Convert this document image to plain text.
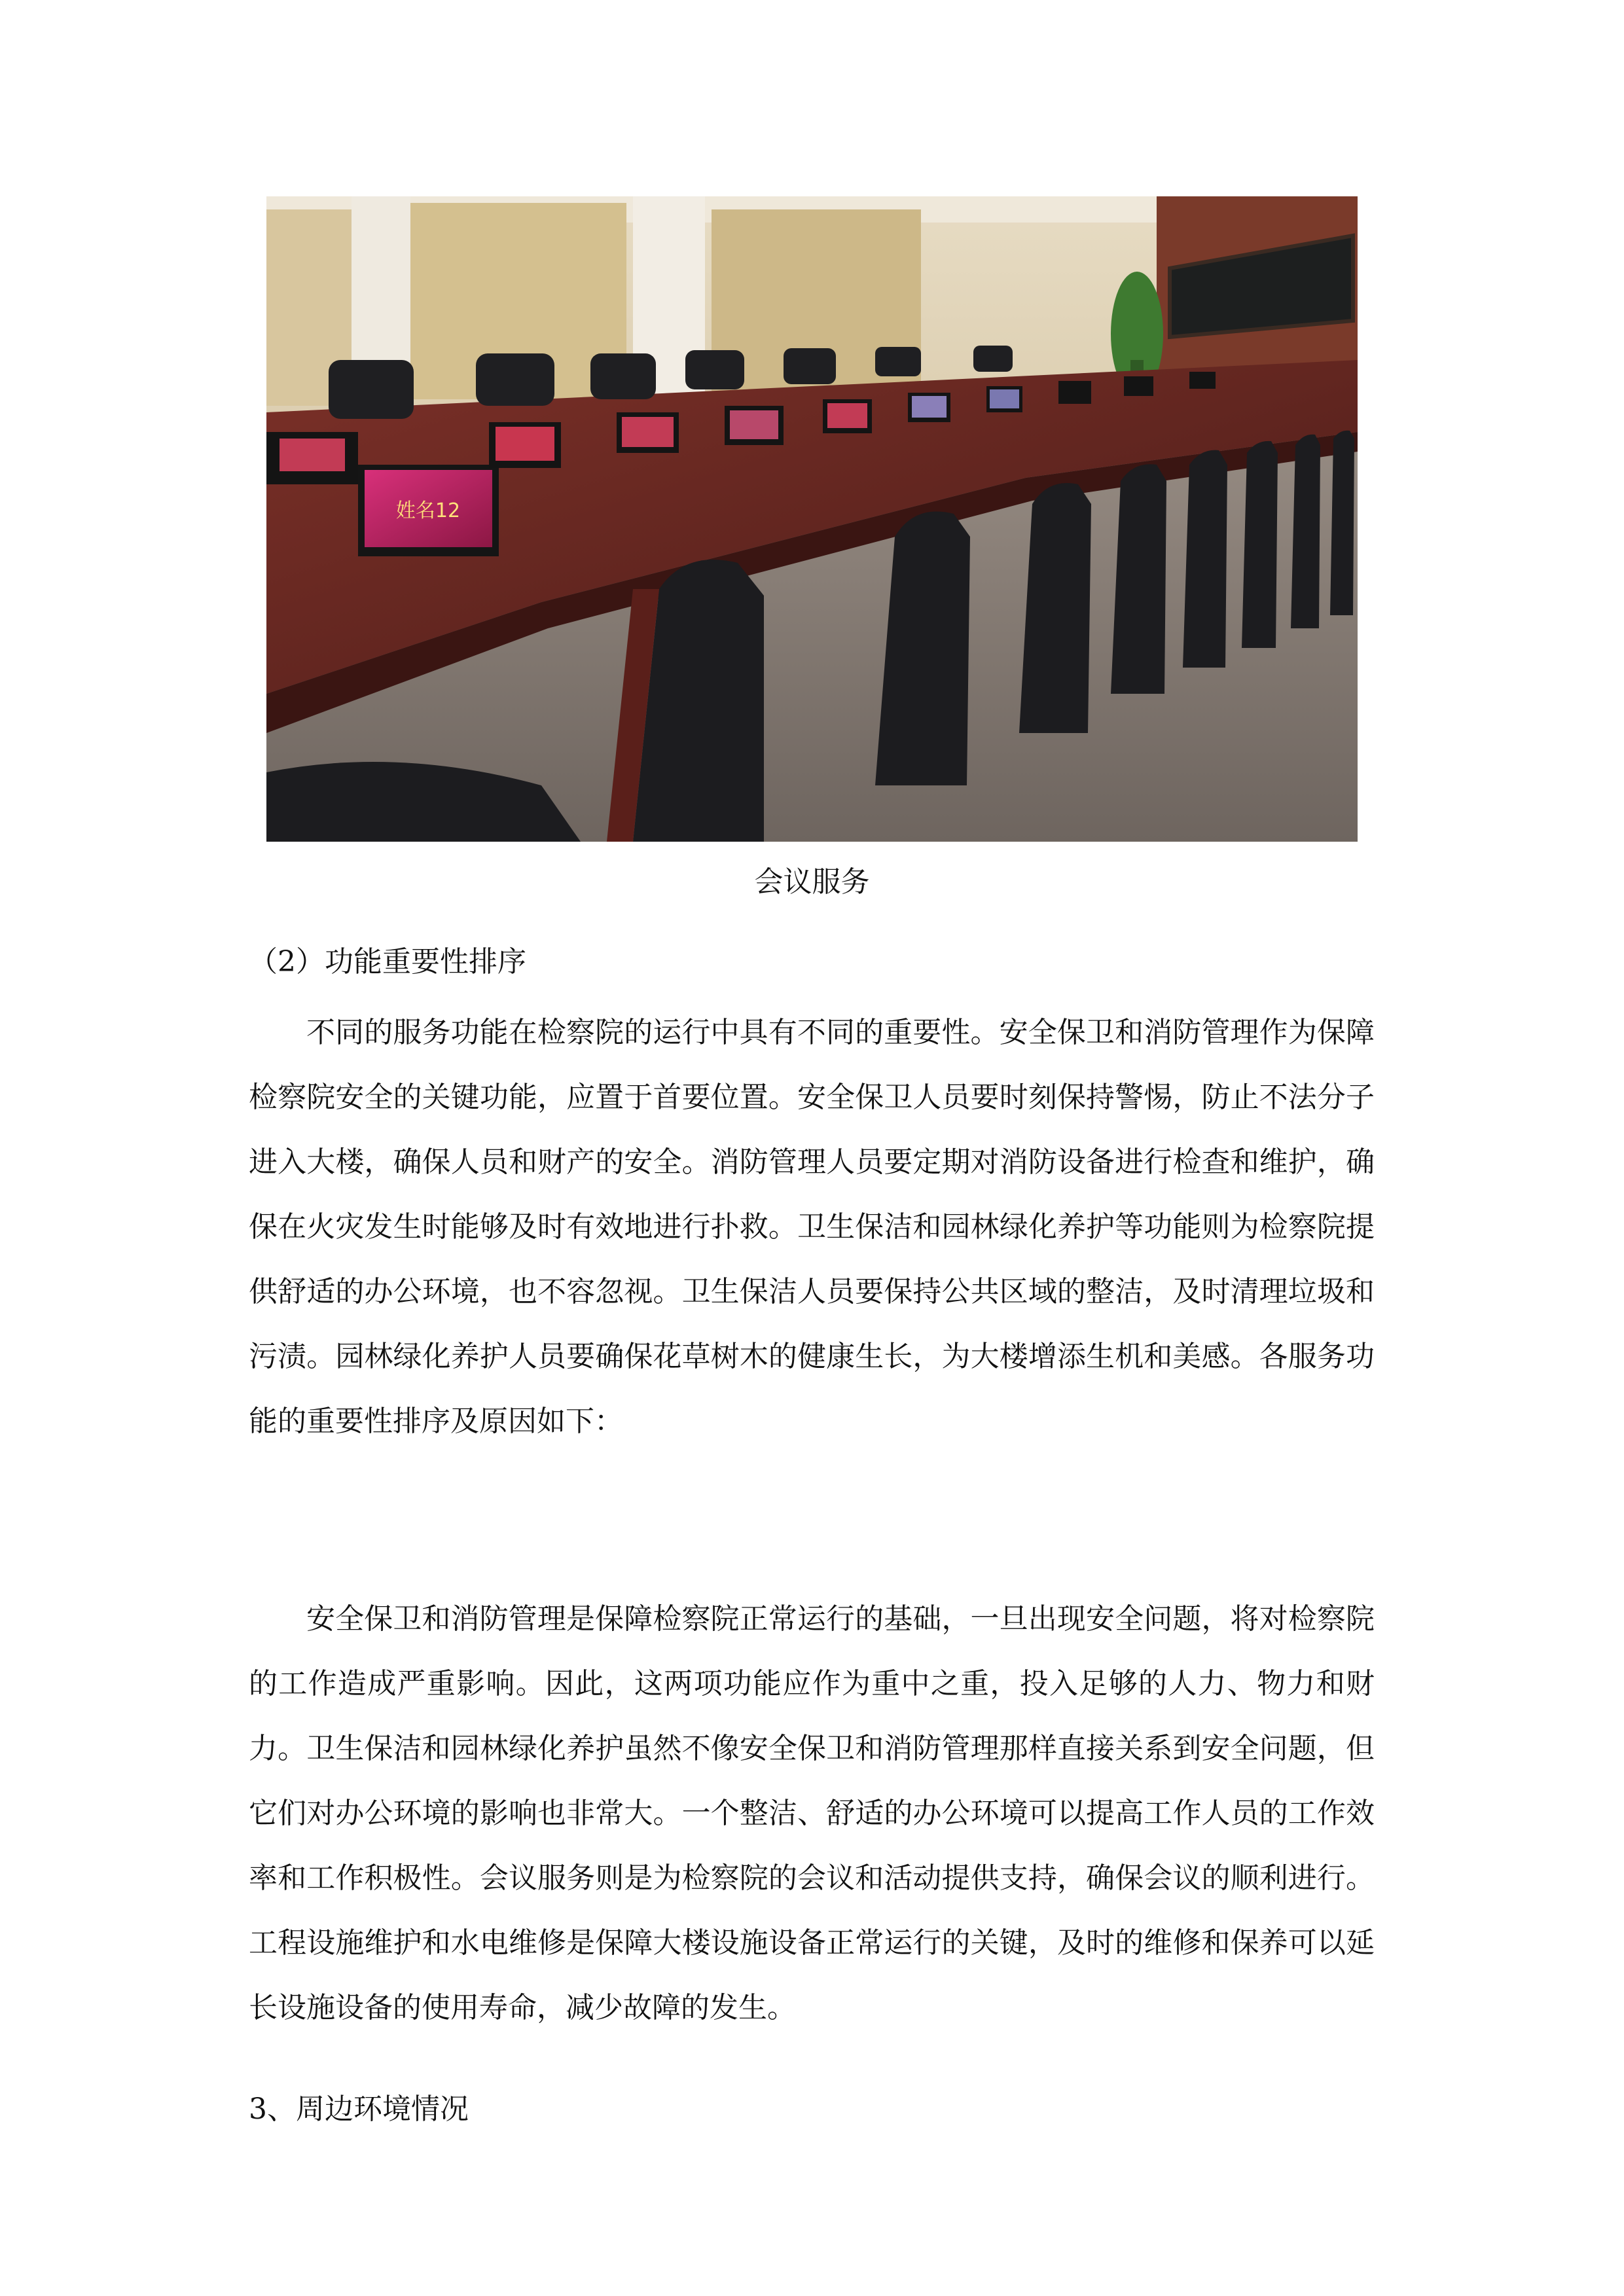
姓名12
会议服务
（2）功能重要性排序

不同的服务功能在检察院的运行中具有不同的重要性。安全保卫和消防管理作为保障检察院安全的关键功能，应置于首要位置。安全保卫人员要时刻保持警惕，防止不法分子进入大楼，确保人员和财产的安全。消防管理人员要定期对消防设备进行检查和维护，确保在火灾发生时能够及时有效地进行扑救。卫生保洁和园林绿化养护等功能则为检察院提供舒适的办公环境，也不容忽视。卫生保洁人员要保持公共区域的整洁，及时清理垃圾和污渍。园林绿化养护人员要确保花草树木的健康生长，为大楼增添生机和美感。各服务功能的重要性排序及原因如下：

安全保卫和消防管理是保障检察院正常运行的基础，一旦出现安全问题，将对检察院的工作造成严重影响。因此，这两项功能应作为重中之重，投入足够的人力、物力和财力。卫生保洁和园林绿化养护虽然不像安全保卫和消防管理那样直接关系到安全问题，但它们对办公环境的影响也非常大。一个整洁、舒适的办公环境可以提高工作人员的工作效率和工作积极性。会议服务则是为检察院的会议和活动提供支持，确保会议的顺利进行。工程设施维护和水电维修是保障大楼设施设备正常运行的关键，及时的维修和保养可以延长设施设备的使用寿命，减少故障的发生。

3、周边环境情况
